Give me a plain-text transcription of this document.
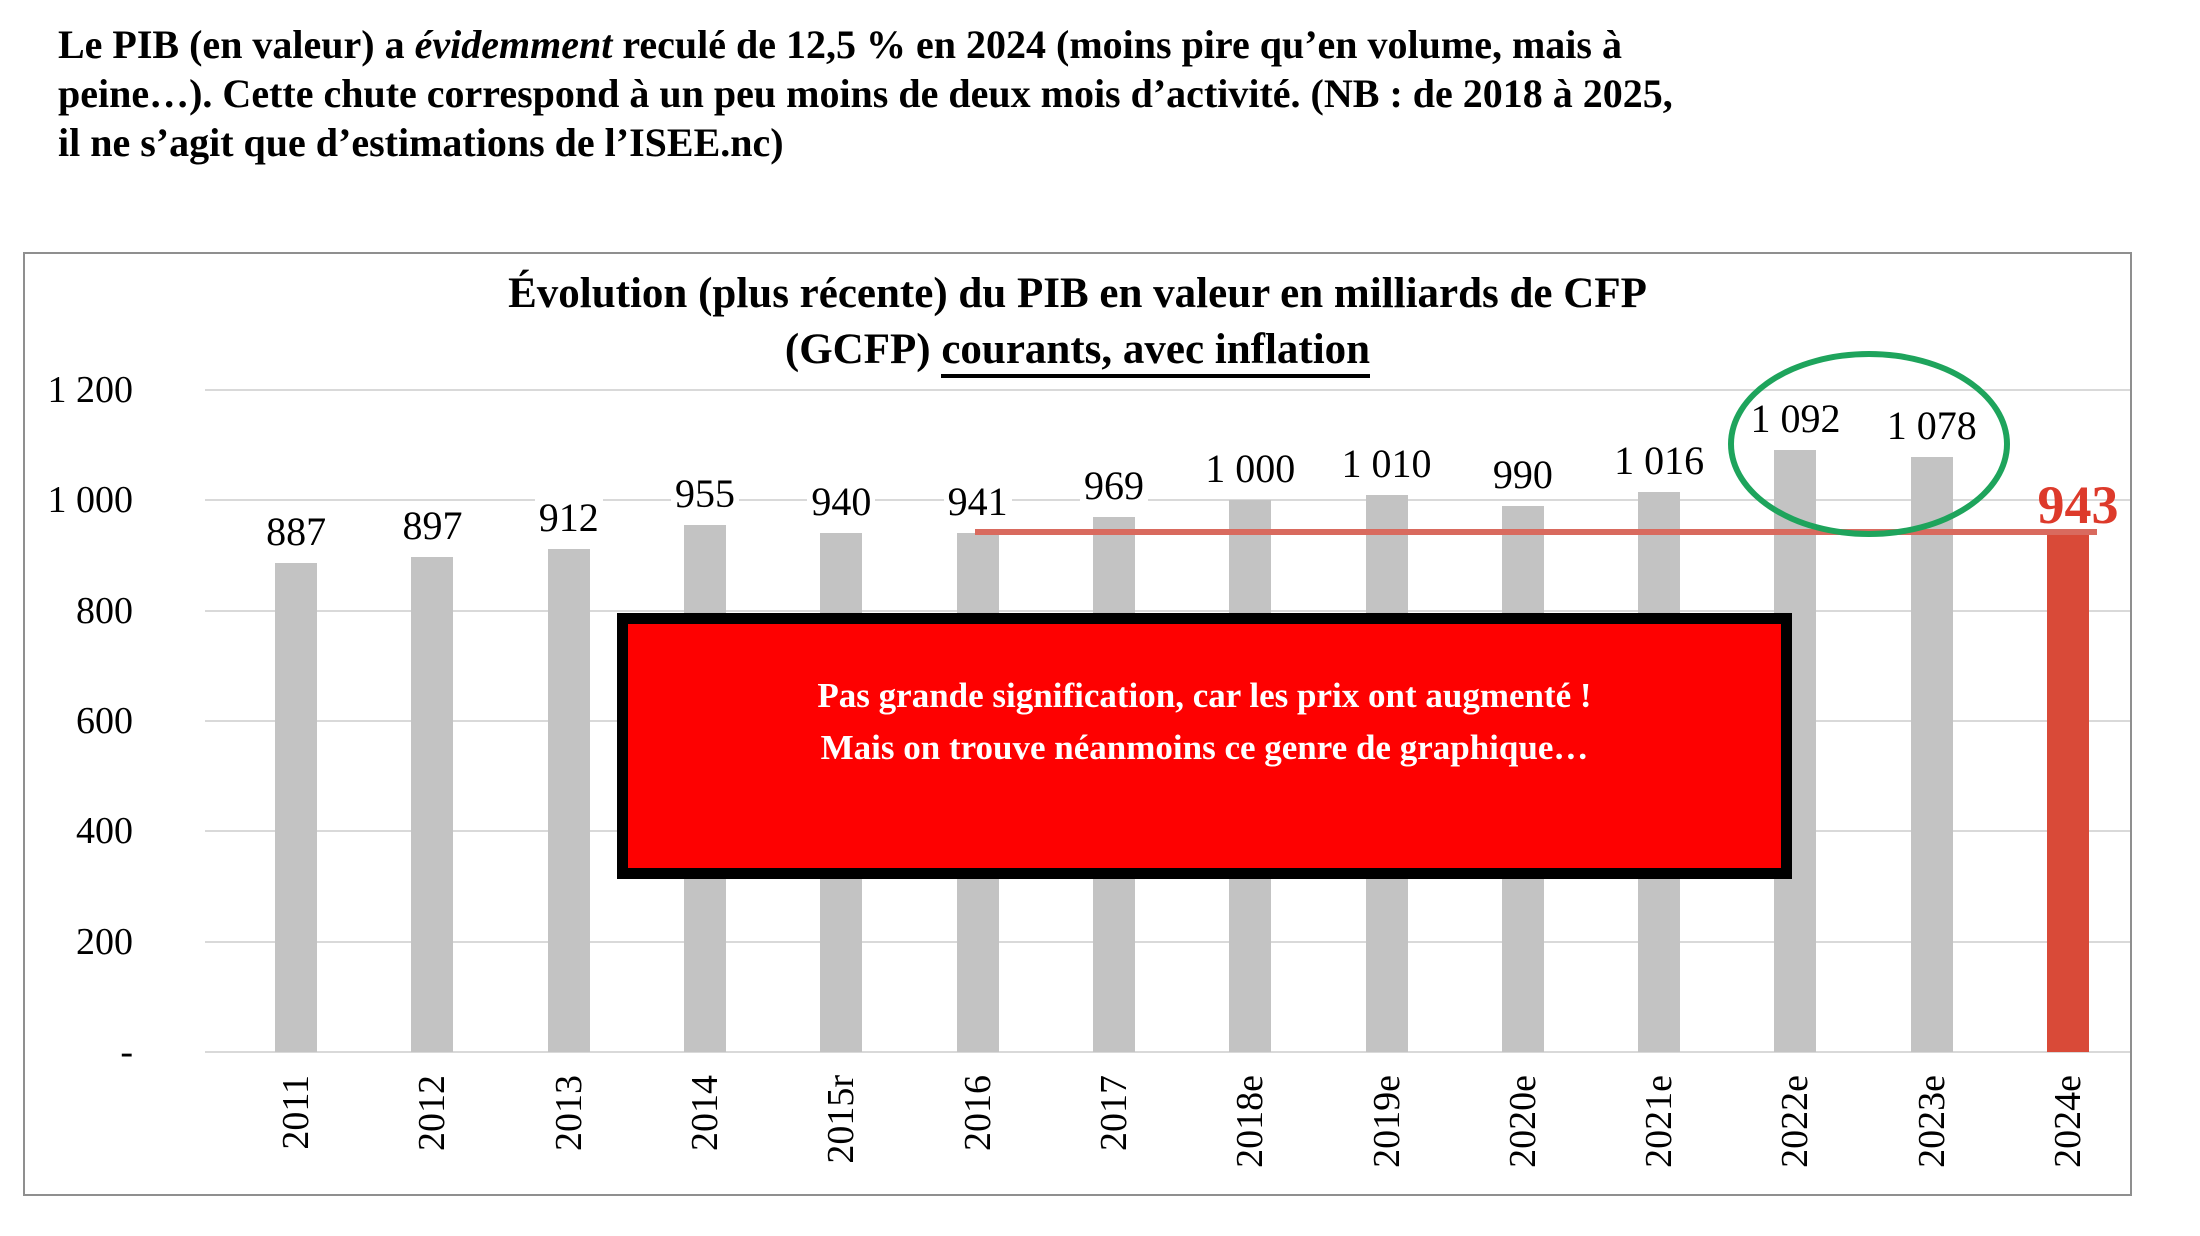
Le PIB (en valeur) a évidemment reculé de 12,5 % en 2024 (moins pire qu’en volume, mais à
peine…). Cette chute correspond à un peu moins de deux mois d’activité. (NB : de 2018 à 2025,
il ne s’agit que d’estimations de l’ISEE.nc)
Évolution (plus récente) du PIB en valeur en milliards de CFP
(GCFP) courants, avec inflation
943
Pas grande signification, car les prix ont augmenté !
Mais on trouve néanmoins ce genre de graphique…
1 200
1 000
800
600
400
200
-
887
2011
897
2012
912
2013
955
2014
940
2015r
941
2016
969
2017
1 000
2018e
1 010
2019e
990
2020e
1 016
2021e
1 092
2022e
1 078
2023e 2024e
